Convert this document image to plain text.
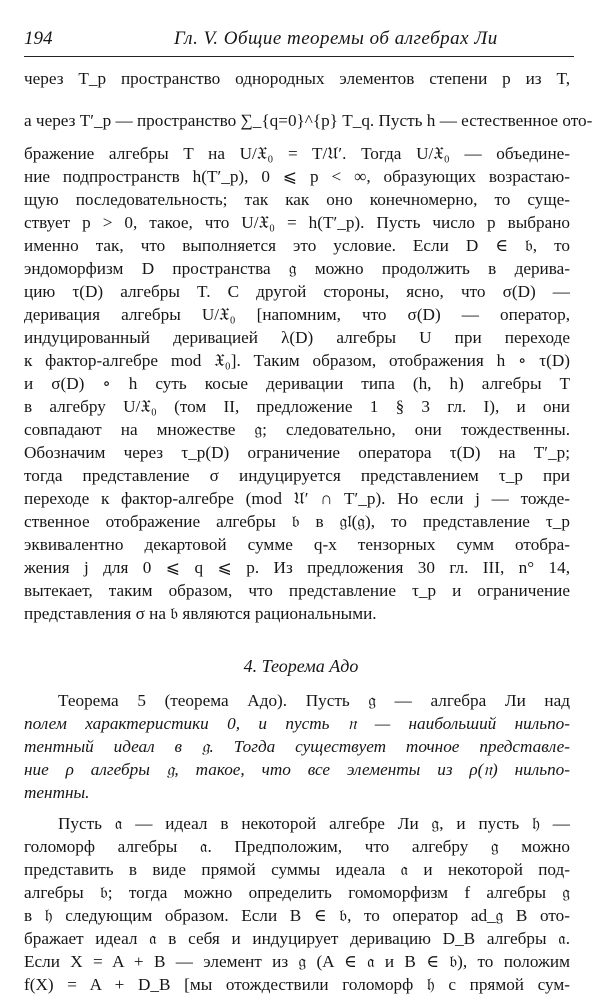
194	Гл. V. Общие теоремы об алгебрах Ли
через T_p пространство однородных элементов степени p из T,
а через T′_p — пространство ∑_{q=0}^{p} T_q. Пусть h — естественное ото-
бражение алгебры T на U/𝔛₀ = T/𝔘′. Тогда U/𝔛₀ — объедине-
ние подпространств h(T′_p), 0 ⩽ p < ∞, образующих возрастаю-
щую последовательность; так как оно конечномерно, то суще-
ствует p > 0, такое, что U/𝔛₀ = h(T′_p). Пусть число p выбрано
именно так, что выполняется это условие. Если D ∈ 𝔟, то
эндоморфизм D пространства 𝔤 можно продолжить в дерива-
цию τ(D) алгебры T. С другой стороны, ясно, что σ(D) —
деривация алгебры U/𝔛₀ [напомним, что σ(D) — оператор,
индуцированный деривацией λ(D) алгебры U при переходе
к фактор-алгебре mod 𝔛₀]. Таким образом, отображения h ∘ τ(D)
и σ(D) ∘ h суть косые деривации типа (h, h) алгебры T
в алгебру U/𝔛₀ (том II, предложение 1 § 3 гл. I), и они
совпадают на множестве 𝔤; следовательно, они тождественны.
Обозначим через τ_p(D) ограничение оператора τ(D) на T′_p;
тогда представление σ индуцируется представлением τ_p при
переходе к фактор-алгебре (mod 𝔘′ ∩ T′_p). Но если j — тожде-
ственное отображение алгебры 𝔟 в 𝔤𝔩(𝔤), то представление τ_p
эквивалентно декартовой сумме q-х тензорных сумм отобра-
жения j для 0 ⩽ q ⩽ p. Из предложения 30 гл. III, n° 14,
вытекает, таким образом, что представление τ_p и ограничение
представления σ на 𝔟 являются рациональными.
4. Теорема Адо
Теорема 5 (теорема Адо). Пусть 𝔤 — алгебра Ли над
полем характеристики 0, и пусть 𝔫 — наибольший нильпо-
тентный идеал в 𝔤. Тогда существует точное представле-
ние ρ алгебры 𝔤, такое, что все элементы из ρ(𝔫) нильпо-
тентны.
Пусть 𝔞 — идеал в некоторой алгебре Ли 𝔤, и пусть 𝔥 —
голоморф алгебры 𝔞. Предположим, что алгебру 𝔤 можно
представить в виде прямой суммы идеала 𝔞 и некоторой под-
алгебры 𝔟; тогда можно определить гомоморфизм f алгебры 𝔤
в 𝔥 следующим образом. Если B ∈ 𝔟, то оператор ad_𝔤 B ото-
бражает идеал 𝔞 в себя и индуцирует деривацию D_B алгебры 𝔞.
Если X = A + B — элемент из 𝔤 (A ∈ 𝔞 и B ∈ 𝔟), то положим
f(X) = A + D_B [мы отождествили голоморф 𝔥 с прямой сум-
